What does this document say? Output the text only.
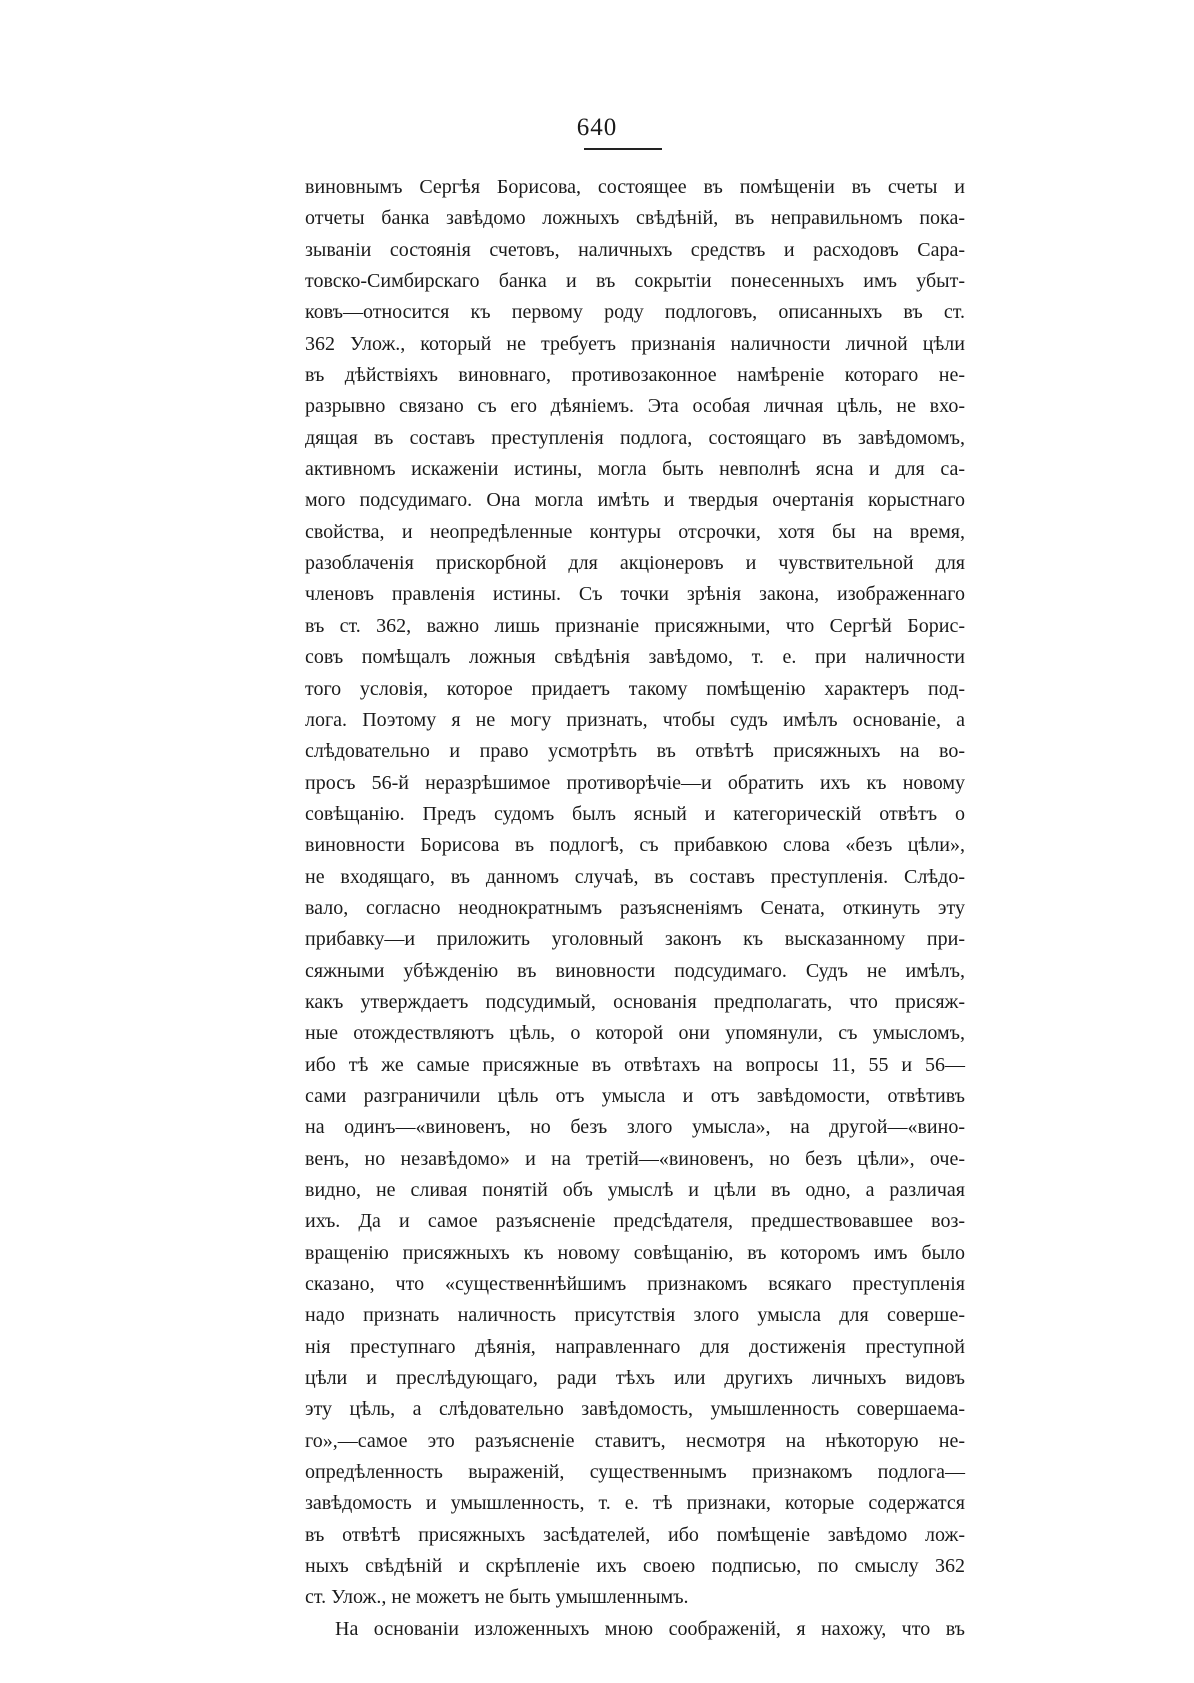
640
виновнымъ Сергѣя Борисова, состоящее въ помѣщеніи въ счеты и
отчеты банка завѣдомо ложныхъ свѣдѣній, въ неправильномъ пока-
зываніи состоянія счетовъ, наличныхъ средствъ и расходовъ Сара-
товско-Симбирскаго банка и въ сокрытіи понесенныхъ имъ убыт-
ковъ—относится къ первому роду подлоговъ, описанныхъ въ ст.
362 Улож., который не требуетъ признанія наличности личной цѣли
въ дѣйствіяхъ виновнаго, противозаконное намѣреніе котораго не-
разрывно связано съ его дѣяніемъ. Эта особая личная цѣль, не вхо-
дящая въ составъ преступленія подлога, состоящаго въ завѣдомомъ,
активномъ искаженіи истины, могла быть невполнѣ ясна и для са-
мого подсудимаго. Она могла имѣть и твердыя очертанія корыстнаго
свойства, и неопредѣленные контуры отсрочки, хотя бы на время,
разоблаченія прискорбной для акціонеровъ и чувствительной для
членовъ правленія истины. Съ точки зрѣнія закона, изображеннаго
въ ст. 362, важно лишь признаніе присяжными, что Сергѣй Борис-
совъ помѣщалъ ложныя свѣдѣнія завѣдомо, т. е. при наличности
того условія, которое придаетъ такому помѣщенію характеръ под-
лога. Поэтому я не могу признать, чтобы судъ имѣлъ основаніе, а
слѣдовательно и право усмотрѣть въ отвѣтѣ присяжныхъ на во-
просъ 56-й неразрѣшимое противорѣчіе—и обратить ихъ къ новому
совѣщанію. Предъ судомъ былъ ясный и категорическій отвѣтъ о
виновности Борисова въ подлогѣ, съ прибавкою слова «безъ цѣли»,
не входящаго, въ данномъ случаѣ, въ составъ преступленія. Слѣдо-
вало, согласно неоднократнымъ разъясненіямъ Сената, откинуть эту
прибавку—и приложить уголовный законъ къ высказанному при-
сяжными убѣжденію въ виновности подсудимаго. Судъ не имѣлъ,
какъ утверждаетъ подсудимый, основанія предполагать, что присяж-
ные отождествляютъ цѣль, о которой они упомянули, съ умысломъ,
ибо тѣ же самые присяжные въ отвѣтахъ на вопросы 11, 55 и 56—
сами разграничили цѣль отъ умысла и отъ завѣдомости, отвѣтивъ
на одинъ—«виновенъ, но безъ злого умысла», на другой—«вино-
венъ, но незавѣдомо» и на третій—«виновенъ, но безъ цѣли», оче-
видно, не сливая понятій объ умыслѣ и цѣли въ одно, а различая
ихъ. Да и самое разъясненіе предсѣдателя, предшествовавшее воз-
вращенію присяжныхъ къ новому совѣщанію, въ которомъ имъ было
сказано, что «существеннѣйшимъ признакомъ всякаго преступленія
надо признать наличность присутствія злого умысла для соверше-
нія преступнаго дѣянія, направленнаго для достиженія преступной
цѣли и преслѣдующаго, ради тѣхъ или другихъ личныхъ видовъ
эту цѣль, а слѣдовательно завѣдомость, умышленность совершаема-
го»,—самое это разъясненіе ставитъ, несмотря на нѣкоторую не-
опредѣленность выраженій, существеннымъ признакомъ подлога—
завѣдомость и умышленность, т. е. тѣ признаки, которые содержатся
въ отвѣтѣ присяжныхъ засѣдателей, ибо помѣщеніе завѣдомо лож-
ныхъ свѣдѣній и скрѣпленіе ихъ своею подписью, по смыслу 362
ст. Улож., не можетъ не быть умышленнымъ.
На основаніи изложенныхъ мною соображеній, я нахожу, что въ
